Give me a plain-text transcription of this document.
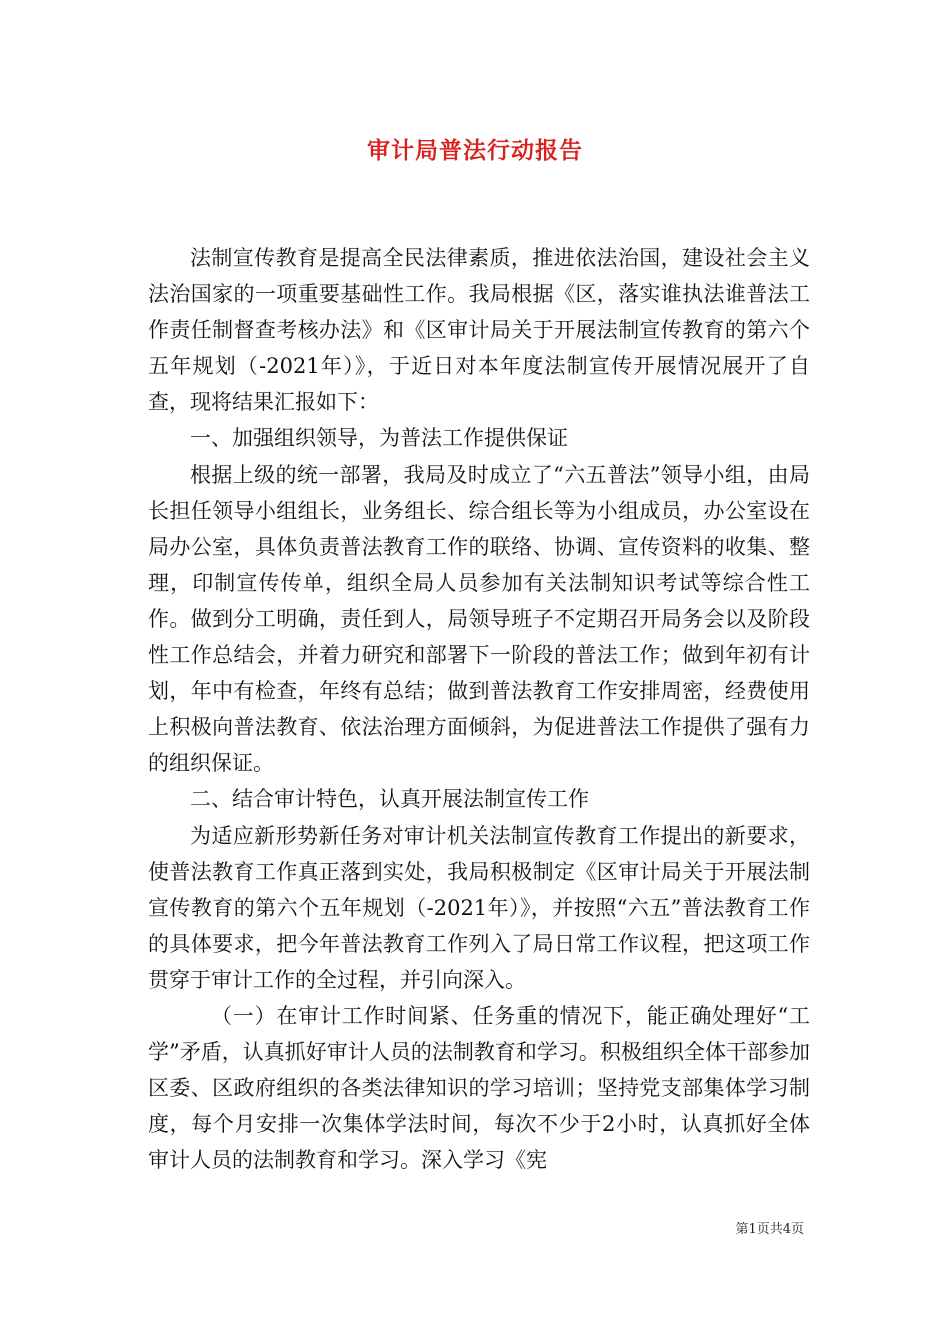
审计局普法行动报告

法制宣传教育是提高全民法律素质，推进依法治国，建设社会主义法治国家的一项重要基础性工作。我局根据《区，落实谁执法谁普法工作责任制督查考核办法》和《区审计局关于开展法制宣传教育的第六个五年规划（-2021年）》，于近日对本年度法制宣传开展情况展开了自查，现将结果汇报如下：

一、加强组织领导，为普法工作提供保证

根据上级的统一部署，我局及时成立了“六五普法”领导小组，由局长担任领导小组组长，业务组长、综合组长等为小组成员，办公室设在局办公室，具体负责普法教育工作的联络、协调、宣传资料的收集、整理，印制宣传传单，组织全局人员参加有关法制知识考试等综合性工作。做到分工明确，责任到人，局领导班子不定期召开局务会以及阶段性工作总结会，并着力研究和部署下一阶段的普法工作；做到年初有计划，年中有检查，年终有总结；做到普法教育工作安排周密，经费使用上积极向普法教育、依法治理方面倾斜，为促进普法工作提供了强有力的组织保证。

二、结合审计特色，认真开展法制宣传工作

为适应新形势新任务对审计机关法制宣传教育工作提出的新要求，使普法教育工作真正落到实处，我局积极制定《区审计局关于开展法制宣传教育的第六个五年规划（-2021年）》，并按照“六五”普法教育工作的具体要求，把今年普法教育工作列入了局日常工作议程，把这项工作贯穿于审计工作的全过程，并引向深入。

（一）在审计工作时间紧、任务重的情况下，能正确处理好“工学”矛盾，认真抓好审计人员的法制教育和学习。积极组织全体干部参加区委、区政府组织的各类法律知识的学习培训；坚持党支部集体学习制度，每个月安排一次集体学法时间，每次不少于2小时，认真抓好全体审计人员的法制教育和学习。深入学习《宪

第1页共4页
